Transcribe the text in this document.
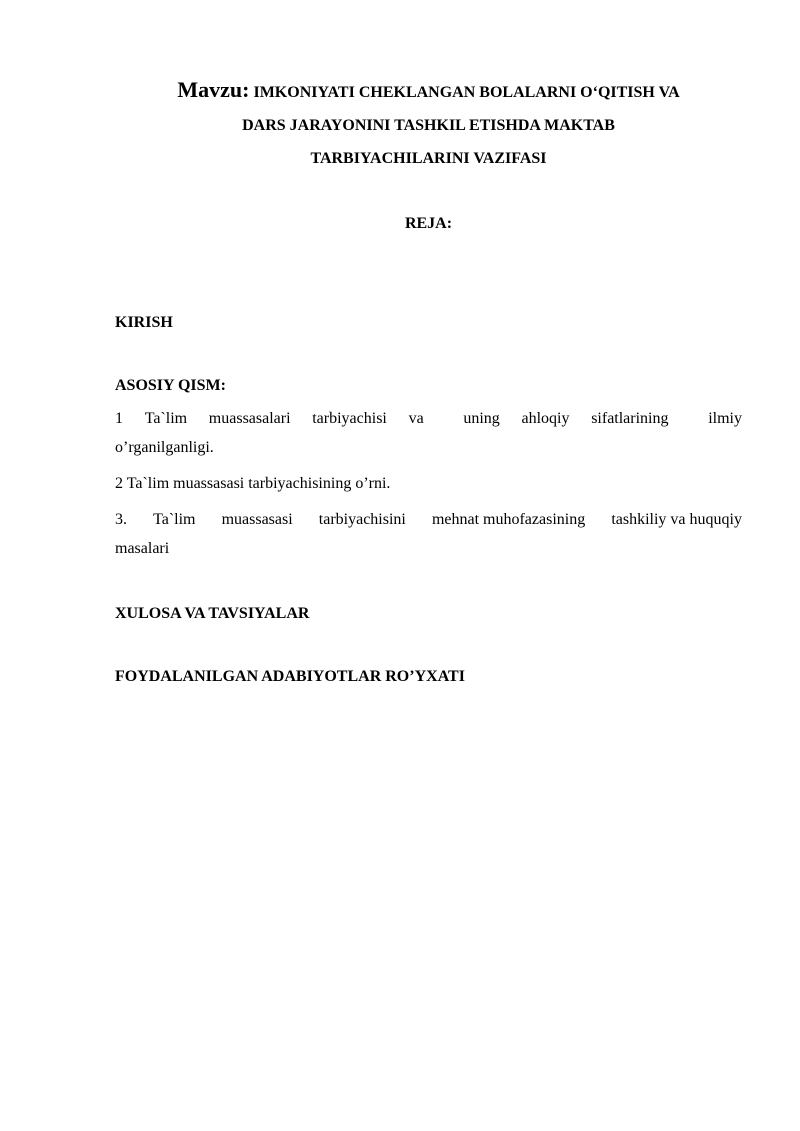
Mavzu: IMKONIYATI CHEKLANGAN BOLALARNI O‘QITISH VA
DARS JARAYONINI TASHKIL ETISHDA MAKTAB
TARBIYACHILARINI VAZIFASI
REJA:
KIRISH
ASOSIY QISM:
1 Ta`lim muassasalari tarbiyachisi va uning ahloqiy sifatlarining ilmiy
o’rganilganligi.
2 Ta`lim muassasasi tarbiyachisining o’rni.
3. Ta`lim muassasasi tarbiyachisini mehnat muhofazasining tashkiliy va huquqiy
masalari
XULOSA VA TAVSIYALAR
FOYDALANILGAN ADABIYOTLAR RO’YXATI
